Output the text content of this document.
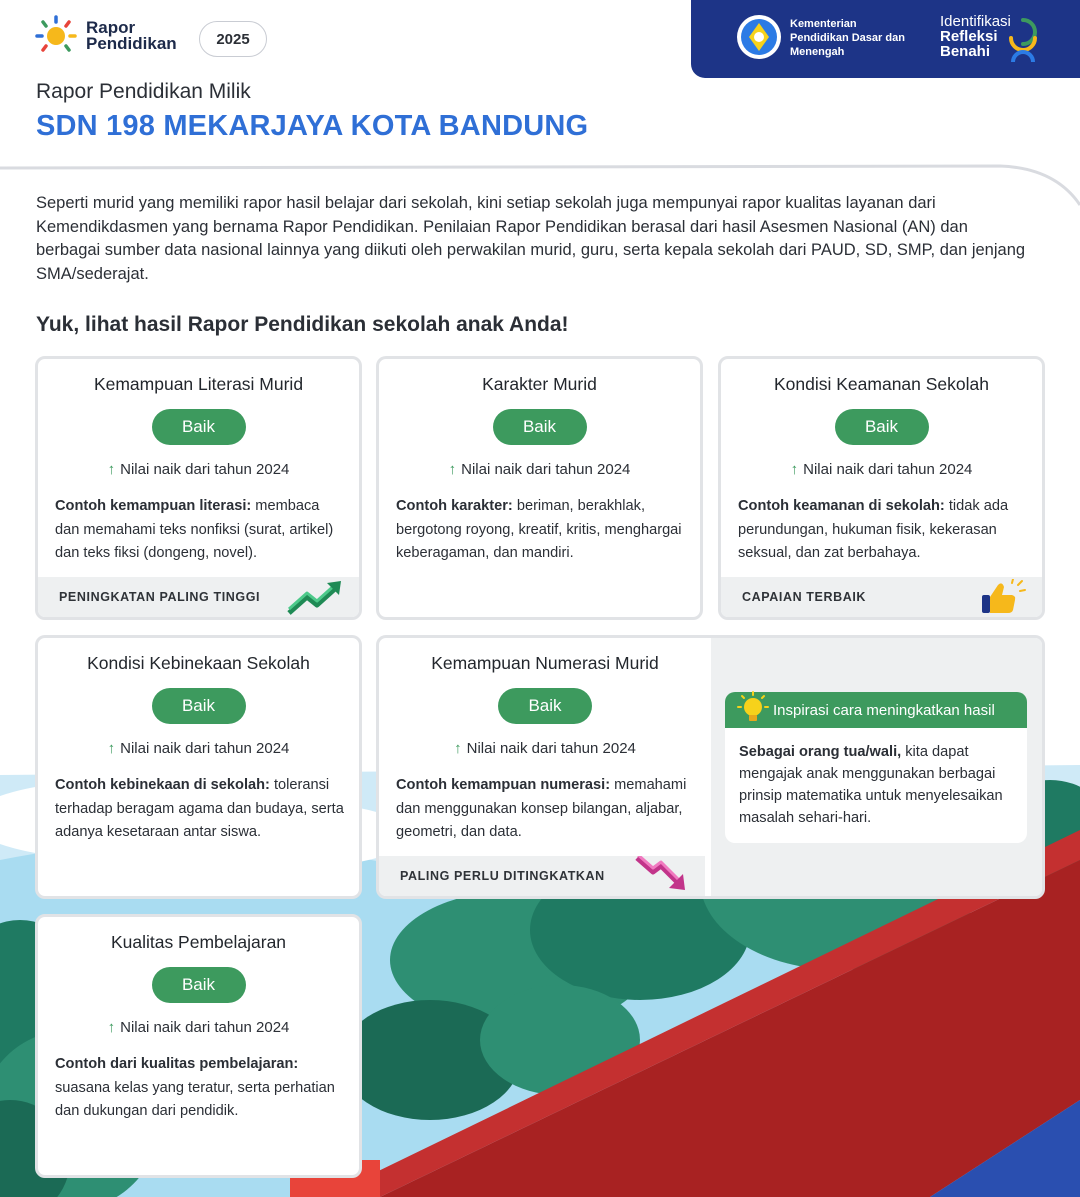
Rapor
Pendidikan	2025
Kementerian
Pendidikan Dasar dan
Menengah
Identifikasi
Refleksi
Benahi
Rapor Pendidikan Milik
SDN 198 MEKARJAYA KOTA BANDUNG

Seperti murid yang memiliki rapor hasil belajar dari sekolah, kini setiap sekolah juga mempunyai rapor kualitas layanan dari Kemendikdasmen yang bernama Rapor Pendidikan. Penilaian Rapor Pendidikan berasal dari hasil Asesmen Nasional (AN) dan berbagai sumber data nasional lainnya yang diikuti oleh perwakilan murid, guru, serta kepala sekolah dari PAUD, SD, SMP, dan jenjang SMA/sederajat.

Yuk, lihat hasil Rapor Pendidikan sekolah anak Anda!
Kemampuan Literasi Murid
Baik
↑ Nilai naik dari tahun 2024
Contoh kemampuan literasi: membaca dan memahami teks nonfiksi (surat, artikel) dan teks fiksi (dongeng, novel).
PENINGKATAN PALING TINGGI
Karakter Murid
Baik
↑ Nilai naik dari tahun 2024
Contoh karakter: beriman, berakhlak, bergotong royong, kreatif, kritis, menghargai keberagaman, dan mandiri.
Kondisi Keamanan Sekolah
Baik
↑ Nilai naik dari tahun 2024
Contoh keamanan di sekolah: tidak ada perundungan, hukuman fisik, kekerasan seksual, dan zat berbahaya.
CAPAIAN TERBAIK
Kondisi Kebinekaan Sekolah
Baik
↑ Nilai naik dari tahun 2024
Contoh kebinekaan di sekolah: toleransi terhadap beragam agama dan budaya, serta adanya kesetaraan antar siswa.
Kemampuan Numerasi Murid
Baik
↑ Nilai naik dari tahun 2024
Contoh kemampuan numerasi: memahami dan menggunakan konsep bilangan, aljabar, geometri, dan data.
PALING PERLU DITINGKATKAN
Inspirasi cara meningkatkan hasil
Sebagai orang tua/wali, kita dapat mengajak anak menggunakan berbagai prinsip matematika untuk menyelesaikan masalah sehari-hari.
Kualitas Pembelajaran
Baik
↑ Nilai naik dari tahun 2024
Contoh dari kualitas pembelajaran: suasana kelas yang teratur, serta perhatian dan dukungan dari pendidik.
